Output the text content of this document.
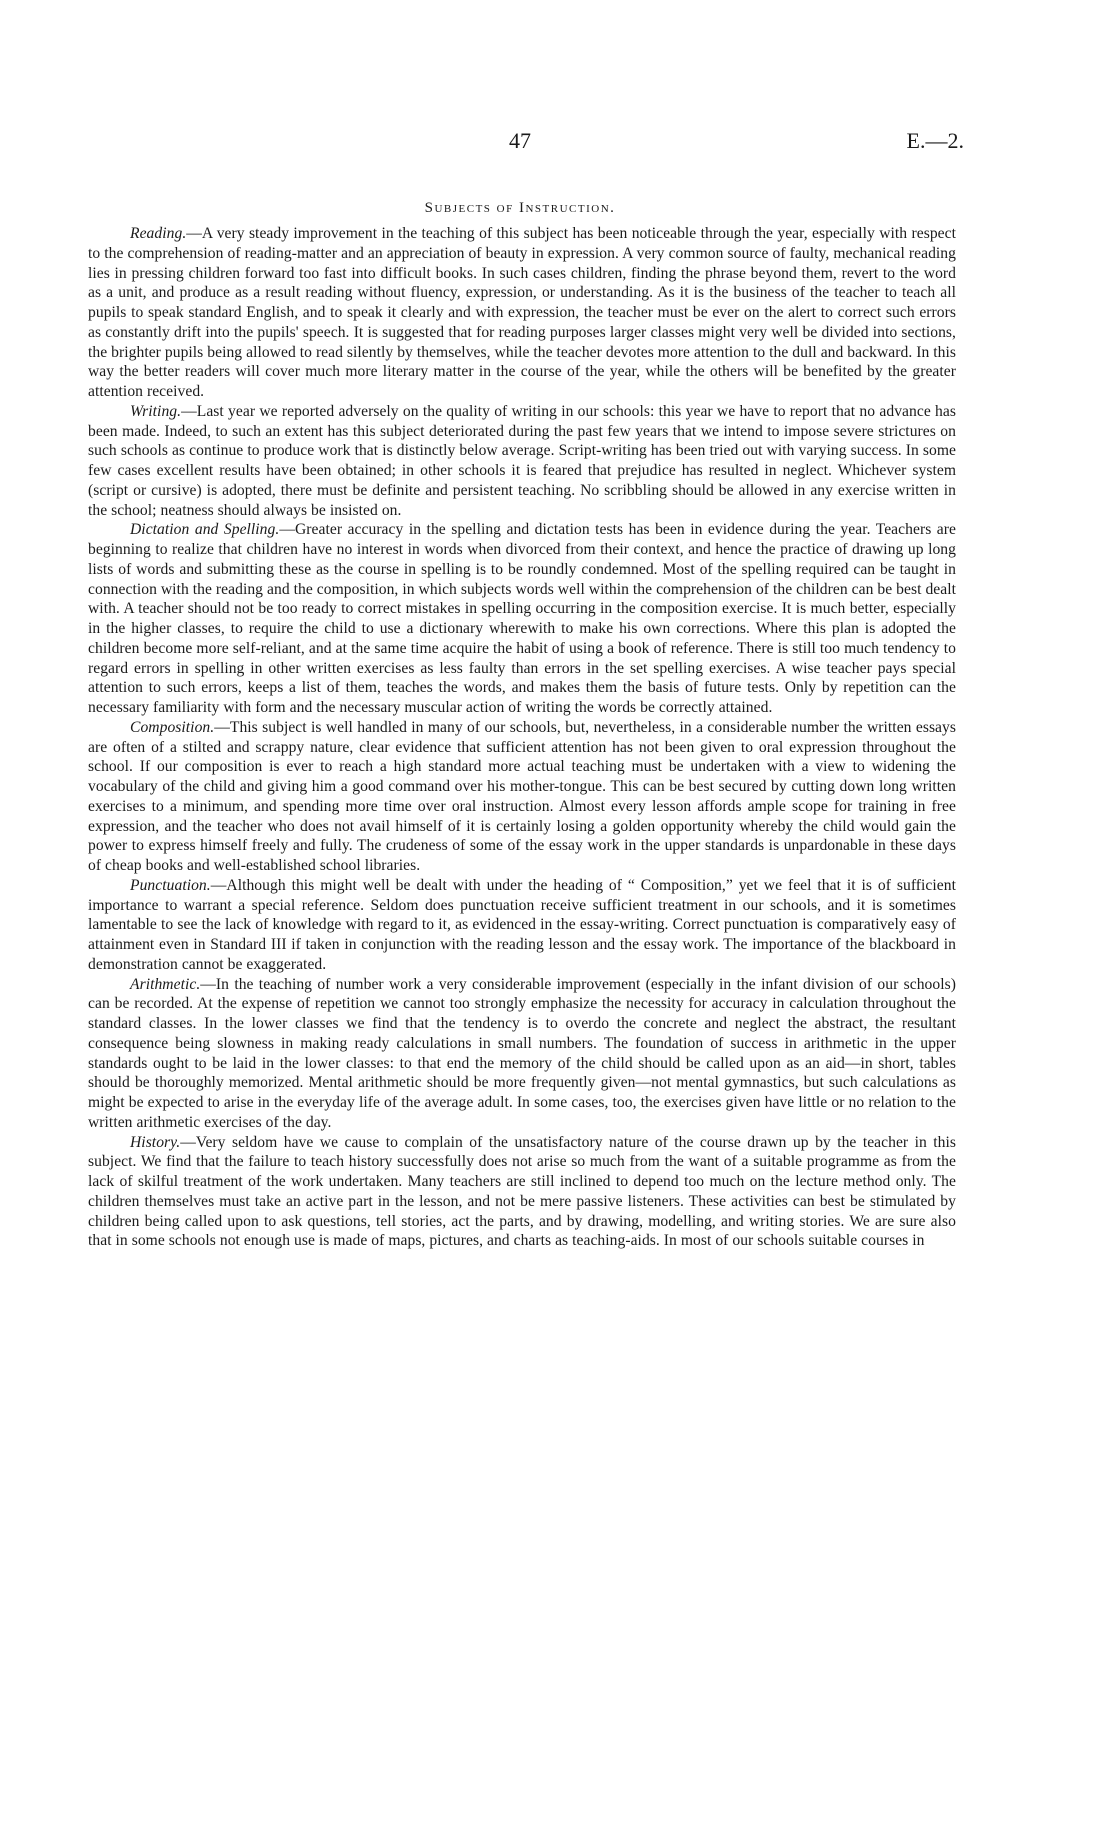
47	E.—2.
Subjects of Instruction.

Reading.—A very steady improvement in the teaching of this subject has been noticeable through the year, especially with respect to the comprehension of reading-matter and an appreciation of beauty in expression. A very common source of faulty, mechanical reading lies in pressing children forward too fast into difficult books. In such cases children, finding the phrase beyond them, revert to the word as a unit, and produce as a result reading without fluency, expression, or understanding. As it is the business of the teacher to teach all pupils to speak standard English, and to speak it clearly and with expression, the teacher must be ever on the alert to correct such errors as constantly drift into the pupils' speech. It is suggested that for reading purposes larger classes might very well be divided into sections, the brighter pupils being allowed to read silently by themselves, while the teacher devotes more attention to the dull and backward. In this way the better readers will cover much more literary matter in the course of the year, while the others will be benefited by the greater attention received.

Writing.—Last year we reported adversely on the quality of writing in our schools: this year we have to report that no advance has been made. Indeed, to such an extent has this subject deteriorated during the past few years that we intend to impose severe strictures on such schools as continue to produce work that is distinctly below average. Script-writing has been tried out with varying success. In some few cases excellent results have been obtained; in other schools it is feared that prejudice has resulted in neglect. Whichever system (script or cursive) is adopted, there must be definite and persistent teaching. No scribbling should be allowed in any exercise written in the school; neatness should always be insisted on.

Dictation and Spelling.—Greater accuracy in the spelling and dictation tests has been in evidence during the year. Teachers are beginning to realize that children have no interest in words when divorced from their context, and hence the practice of drawing up long lists of words and submitting these as the course in spelling is to be roundly condemned. Most of the spelling required can be taught in connection with the reading and the composition, in which subjects words well within the comprehension of the children can be best dealt with. A teacher should not be too ready to correct mistakes in spelling occurring in the composition exercise. It is much better, especially in the higher classes, to require the child to use a dictionary wherewith to make his own corrections. Where this plan is adopted the children become more self-reliant, and at the same time acquire the habit of using a book of reference. There is still too much tendency to regard errors in spelling in other written exercises as less faulty than errors in the set spelling exercises. A wise teacher pays special attention to such errors, keeps a list of them, teaches the words, and makes them the basis of future tests. Only by repetition can the necessary familiarity with form and the necessary muscular action of writing the words be correctly attained.

Composition.—This subject is well handled in many of our schools, but, nevertheless, in a considerable number the written essays are often of a stilted and scrappy nature, clear evidence that sufficient attention has not been given to oral expression throughout the school. If our composition is ever to reach a high standard more actual teaching must be undertaken with a view to widening the vocabulary of the child and giving him a good command over his mother-tongue. This can be best secured by cutting down long written exercises to a minimum, and spending more time over oral instruction. Almost every lesson affords ample scope for training in free expression, and the teacher who does not avail himself of it is certainly losing a golden opportunity whereby the child would gain the power to express himself freely and fully. The crudeness of some of the essay work in the upper standards is unpardonable in these days of cheap books and well-established school libraries.

Punctuation.—Although this might well be dealt with under the heading of “ Composition,” yet we feel that it is of sufficient importance to warrant a special reference. Seldom does punctuation receive sufficient treatment in our schools, and it is sometimes lamentable to see the lack of knowledge with regard to it, as evidenced in the essay-writing. Correct punctuation is comparatively easy of attainment even in Standard III if taken in conjunction with the reading lesson and the essay work. The importance of the blackboard in demonstration cannot be exaggerated.

Arithmetic.—In the teaching of number work a very considerable improvement (especially in the infant division of our schools) can be recorded. At the expense of repetition we cannot too strongly emphasize the necessity for accuracy in calculation throughout the standard classes. In the lower classes we find that the tendency is to overdo the concrete and neglect the abstract, the resultant consequence being slowness in making ready calculations in small numbers. The foundation of success in arithmetic in the upper standards ought to be laid in the lower classes: to that end the memory of the child should be called upon as an aid—in short, tables should be thoroughly memorized. Mental arithmetic should be more frequently given—not mental gymnastics, but such calculations as might be expected to arise in the everyday life of the average adult. In some cases, too, the exercises given have little or no relation to the written arithmetic exercises of the day.

History.—Very seldom have we cause to complain of the unsatisfactory nature of the course drawn up by the teacher in this subject. We find that the failure to teach history successfully does not arise so much from the want of a suitable programme as from the lack of skilful treatment of the work undertaken. Many teachers are still inclined to depend too much on the lecture method only. The children themselves must take an active part in the lesson, and not be mere passive listeners. These activities can best be stimulated by children being called upon to ask questions, tell stories, act the parts, and by drawing, modelling, and writing stories. We are sure also that in some schools not enough use is made of maps, pictures, and charts as teaching-aids. In most of our schools suitable courses in
